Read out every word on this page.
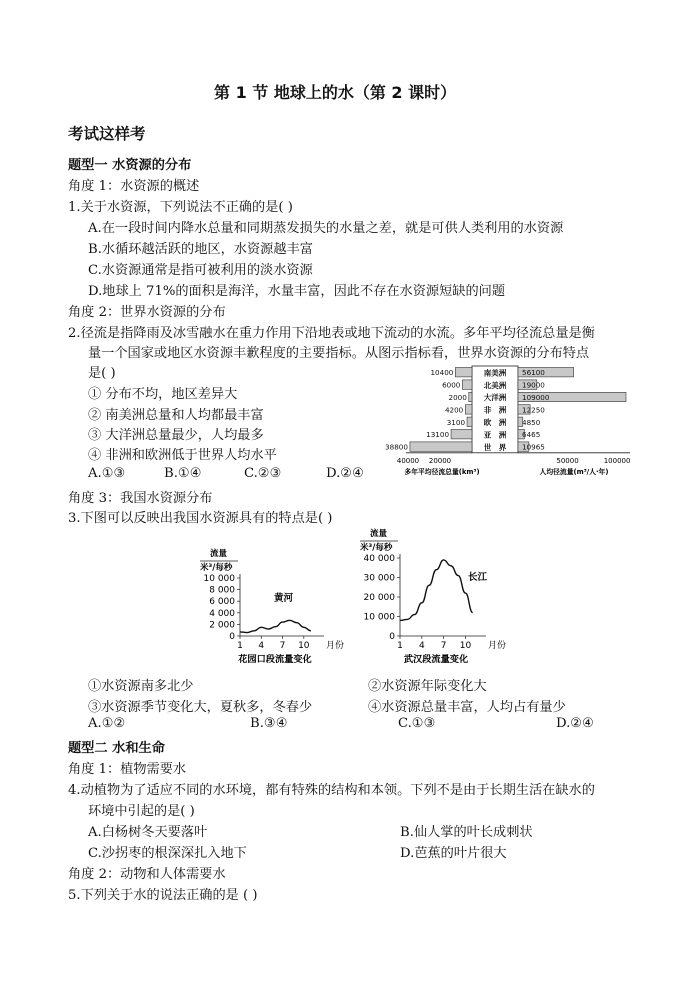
第 1 节 地球上的水（第 2 课时）
考试这样考
题型一 水资源的分布
角度 1：水资源的概述
1.关于水资源，下列说法不正确的是( )
A.在一段时间内降水总量和同期蒸发损失的水量之差，就是可供人类利用的水资源
B.水循环越活跃的地区，水资源越丰富
C.水资源通常是指可被利用的淡水资源
D.地球上 71%的面积是海洋，水量丰富，因此不存在水资源短缺的问题
角度 2：世界水资源的分布
2.径流是指降雨及冰雪融水在重力作用下沿地表或地下流动的水流。多年平均径流总量是衡
量一个国家或地区水资源丰歉程度的主要指标。从图示指标看，世界水资源的分布特点
是( )
① 分布不均，地区差异大
② 南美洲总量和人均都最丰富
③ 大洋洲总量最少，人均最多
④ 非洲和欧洲低于世界人均水平
A.①③	B.①④	C.②③	D.②④
10400	56100
南美洲
6000	19000
北美洲
2000	109000
大洋洲
4200	12250
非　洲
3100	4850
欧　洲
13100	6465
亚　洲
38800	10965
世　界
40000 20000	50000	100000
多年平均径流总量(km³)	人均径流量(m³/人·年)
角度 3：我国水资源分布
3.下图可以反映出我国水资源具有的特点是( )
流量
米³/每秒
10 000
8 000
6 000
4 000
2 000
0
1 4 7 10 月份
黄河
花园口段流量变化
流量
米³/每秒
40 000
30 000
20 000
10 000
0
1 4 7 10 月份
长江
武汉段流量变化
①水资源南多北少	②水资源年际变化大
③水资源季节变化大，夏秋多，冬春少	④水资源总量丰富，人均占有量少
A.①②	B.③④	C.①③	D.②④
题型二 水和生命
角度 1：植物需要水
4.动植物为了适应不同的水环境，都有特殊的结构和本领。下列不是由于长期生活在缺水的
环境中引起的是( )
A.白杨树冬天要落叶	B.仙人掌的叶长成刺状
C.沙拐枣的根深深扎入地下	D.芭蕉的叶片很大
角度 2：动物和人体需要水
5.下列关于水的说法正确的是 ( )
